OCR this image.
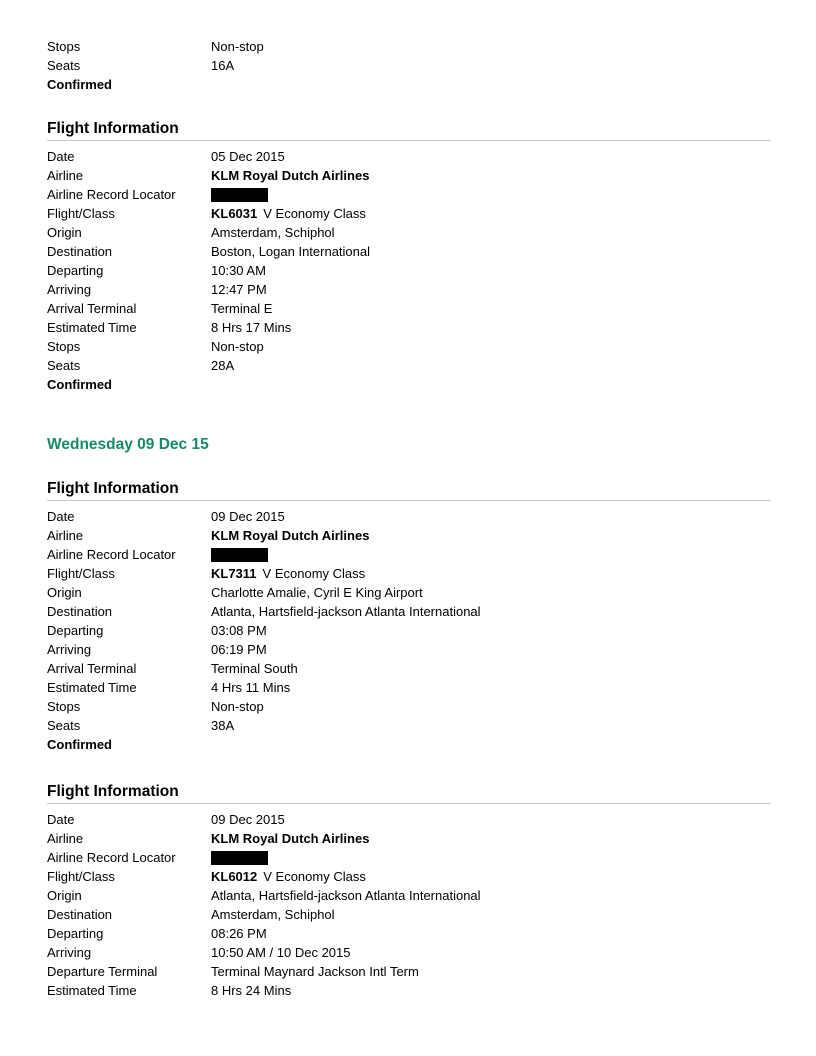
Stops	Non-stop
Seats	16A
Confirmed
Flight Information
Date	05 Dec 2015
Airline	KLM Royal Dutch Airlines
Airline Record Locator
Flight/Class	KL6031 V Economy Class
Origin	Amsterdam, Schiphol
Destination	Boston, Logan International
Departing	10:30 AM
Arriving	12:47 PM
Arrival Terminal	Terminal E
Estimated Time	8 Hrs 17 Mins
Stops	Non-stop
Seats	28A
Confirmed
Wednesday 09 Dec 15
Flight Information
Date	09 Dec 2015
Airline	KLM Royal Dutch Airlines
Airline Record Locator
Flight/Class	KL7311 V Economy Class
Origin	Charlotte Amalie, Cyril E King Airport
Destination	Atlanta, Hartsfield-jackson Atlanta International
Departing	03:08 PM
Arriving	06:19 PM
Arrival Terminal	Terminal South
Estimated Time	4 Hrs 11 Mins
Stops	Non-stop
Seats	38A
Confirmed
Flight Information
Date	09 Dec 2015
Airline	KLM Royal Dutch Airlines
Airline Record Locator
Flight/Class	KL6012 V Economy Class
Origin	Atlanta, Hartsfield-jackson Atlanta International
Destination	Amsterdam, Schiphol
Departing	08:26 PM
Arriving	10:50 AM / 10 Dec 2015
Departure Terminal	Terminal Maynard Jackson Intl Term
Estimated Time	8 Hrs 24 Mins
